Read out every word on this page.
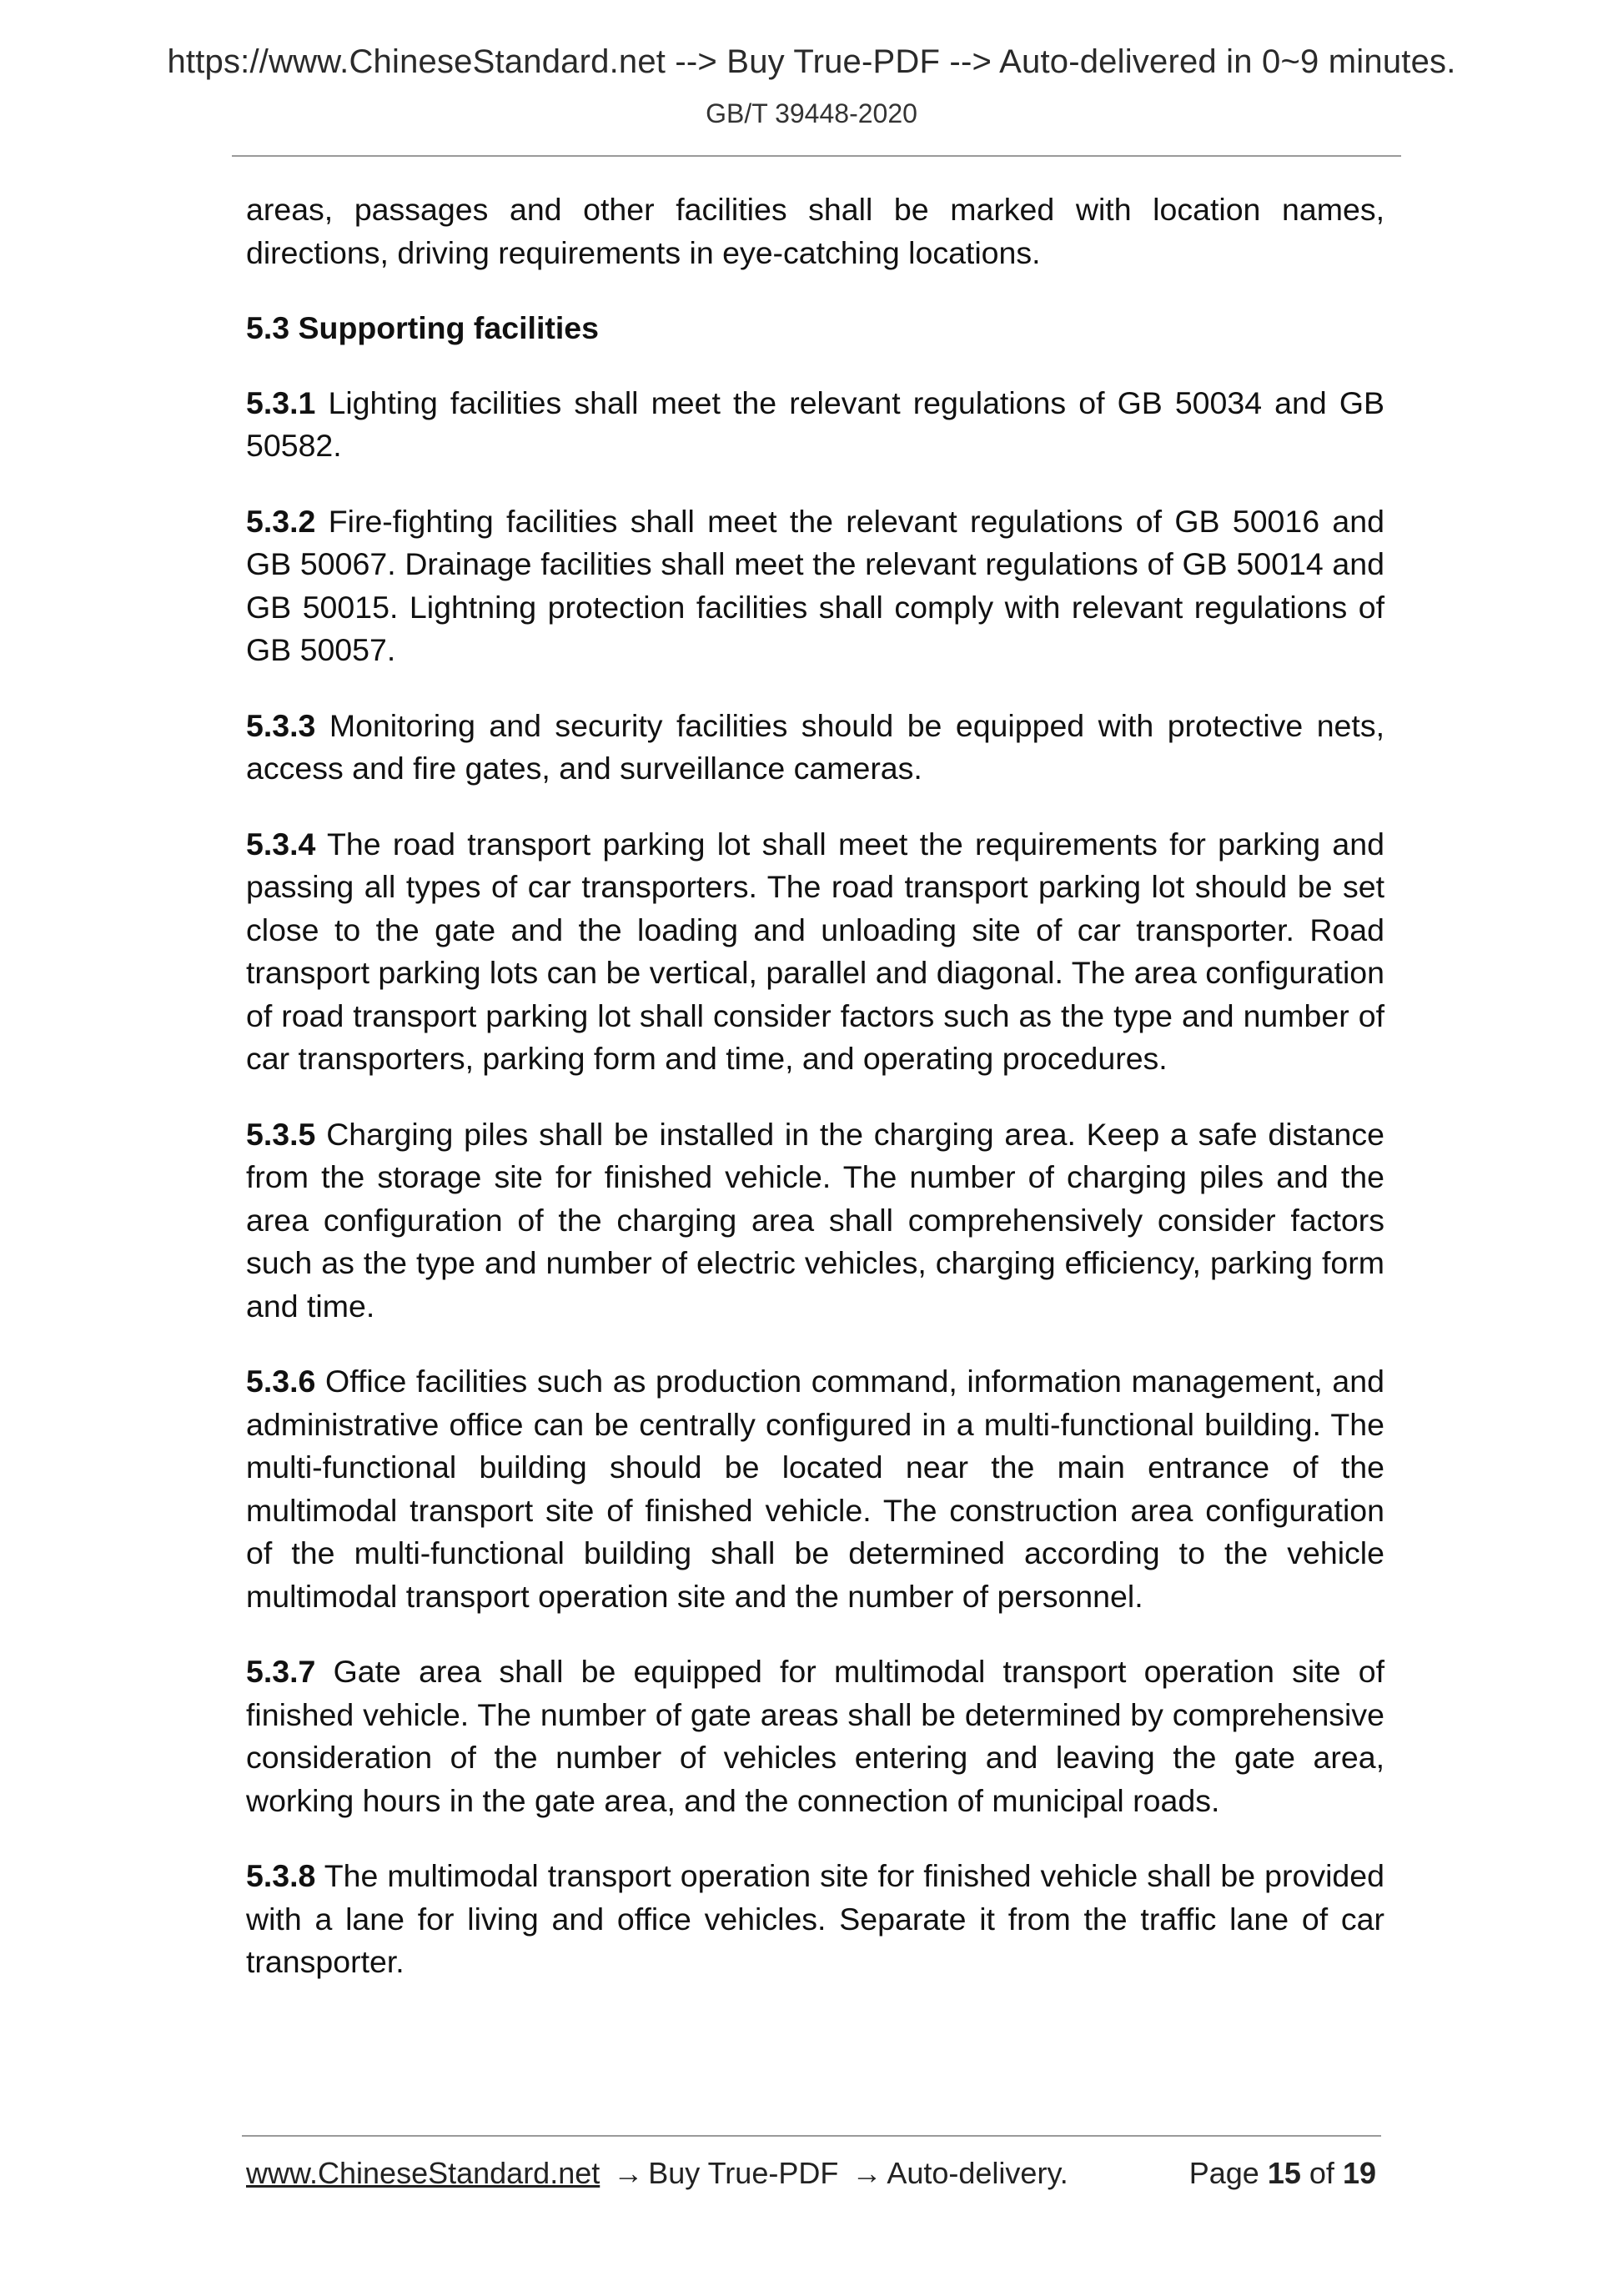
https://www.ChineseStandard.net --> Buy True-PDF --> Auto-delivered in 0~9 minutes.
GB/T 39448-2020

areas, passages and other facilities shall be marked with location names, directions, driving requirements in eye-catching locations.

5.3 Supporting facilities

5.3.1 Lighting facilities shall meet the relevant regulations of GB 50034 and GB 50582.

5.3.2 Fire-fighting facilities shall meet the relevant regulations of GB 50016 and GB 50067. Drainage facilities shall meet the relevant regulations of GB 50014 and GB 50015. Lightning protection facilities shall comply with relevant regulations of GB 50057.

5.3.3 Monitoring and security facilities should be equipped with protective nets, access and fire gates, and surveillance cameras.

5.3.4 The road transport parking lot shall meet the requirements for parking and passing all types of car transporters. The road transport parking lot should be set close to the gate and the loading and unloading site of car transporter. Road transport parking lots can be vertical, parallel and diagonal. The area configuration of road transport parking lot shall consider factors such as the type and number of car transporters, parking form and time, and operating procedures.

5.3.5 Charging piles shall be installed in the charging area. Keep a safe distance from the storage site for finished vehicle. The number of charging piles and the area configuration of the charging area shall comprehensively consider factors such as the type and number of electric vehicles, charging efficiency, parking form and time.

5.3.6 Office facilities such as production command, information management, and administrative office can be centrally configured in a multi-functional building. The multi-functional building should be located near the main entrance of the multimodal transport site of finished vehicle. The construction area configuration of the multi-functional building shall be determined according to the vehicle multimodal transport operation site and the number of personnel.

5.3.7 Gate area shall be equipped for multimodal transport operation site of finished vehicle. The number of gate areas shall be determined by comprehensive consideration of the number of vehicles entering and leaving the gate area, working hours in the gate area, and the connection of municipal roads.

5.3.8 The multimodal transport operation site for finished vehicle shall be provided with a lane for living and office vehicles. Separate it from the traffic lane of car transporter.

www.ChineseStandard.net → Buy True-PDF → Auto-delivery.	Page 15 of 19
